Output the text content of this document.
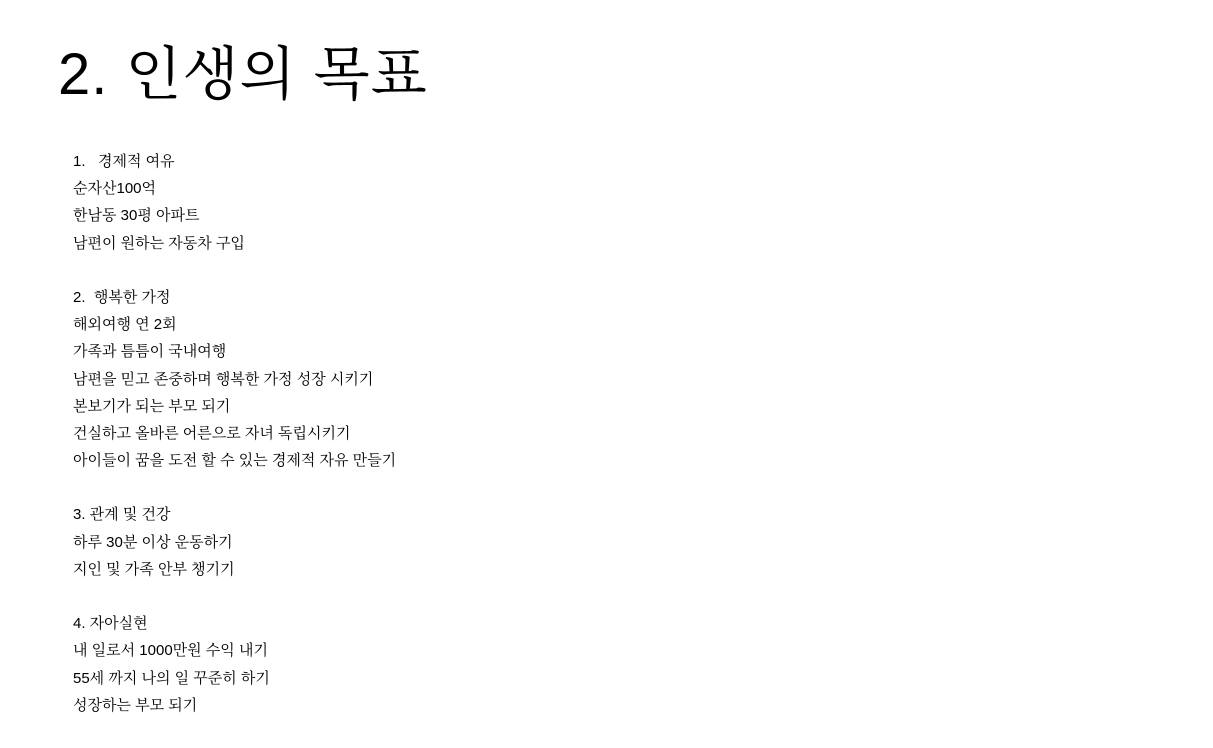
2. 인생의 목표
1.   경제적 여유
순자산100억
한남동 30평 아파트
남편이 원하는 자동차 구입
2.  행복한 가정
해외여행 연 2회
가족과 틈틈이 국내여행
남편을 믿고 존중하며 행복한 가정 성장 시키기
본보기가 되는 부모 되기
건실하고 올바른 어른으로 자녀 독립시키기
아이들이 꿈을 도전 할 수 있는 경제적 자유 만들기
3. 관계 및 건강
하루 30분 이상 운동하기
지인 및 가족 안부 챙기기
4. 자아실현
내 일로서 1000만원 수익 내기
55세 까지 나의 일 꾸준히 하기
성장하는 부모 되기
